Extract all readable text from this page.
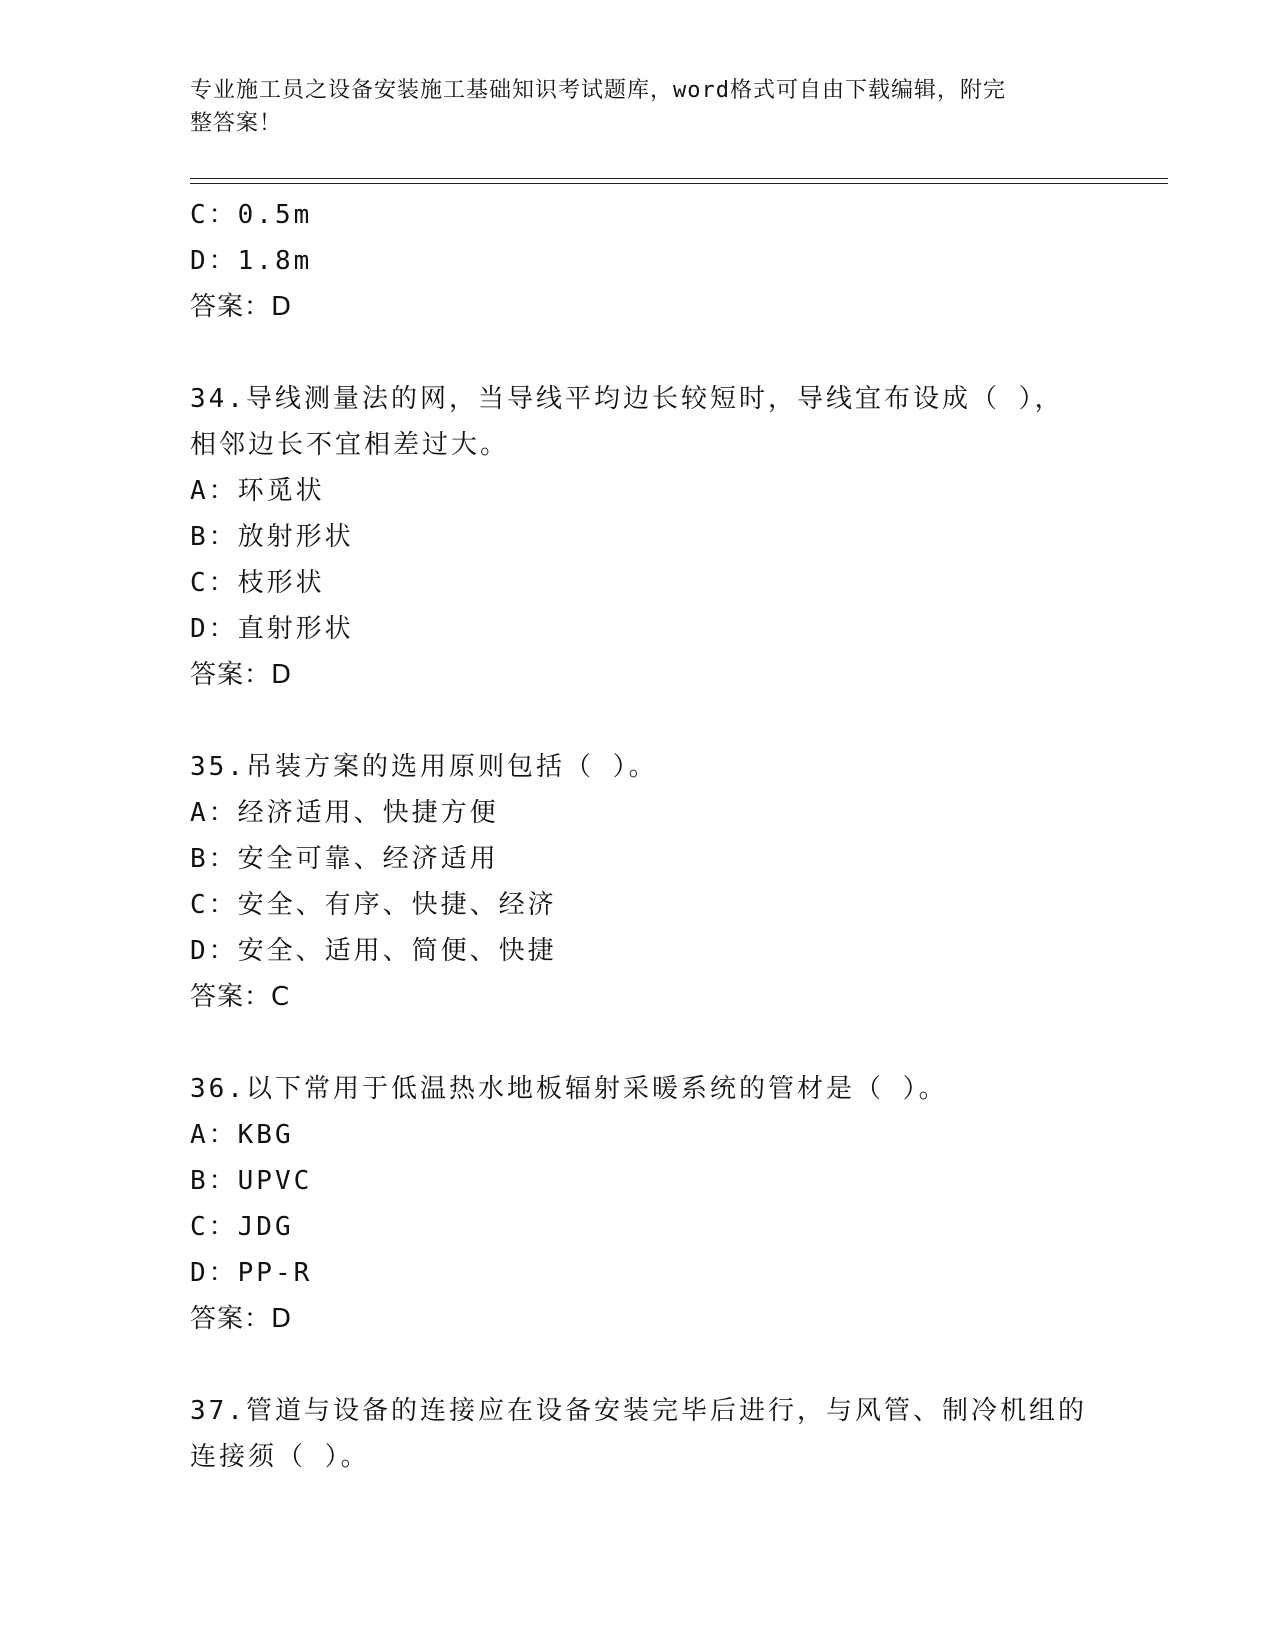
专业施工员之设备安装施工基础知识考试题库，word格式可自由下载编辑，附完
整答案！
C：0.5m
D：1.8m
答案：D
34.导线测量法的网，当导线平均边长较短时，导线宜布设成（ ），
相邻边长不宜相差过大。
A：环觅状
B：放射形状
C：枝形状
D：直射形状
答案：D
35.吊装方案的选用原则包括（ ）。
A：经济适用、快捷方便
B：安全可靠、经济适用
C：安全、有序、快捷、经济
D：安全、适用、简便、快捷
答案：C
36.以下常用于低温热水地板辐射采暖系统的管材是（ ）。
A：KBG
B：UPVC
C：JDG
D：PP-R
答案：D
37.管道与设备的连接应在设备安装完毕后进行，与风管、制冷机组的
连接须（ ）。
